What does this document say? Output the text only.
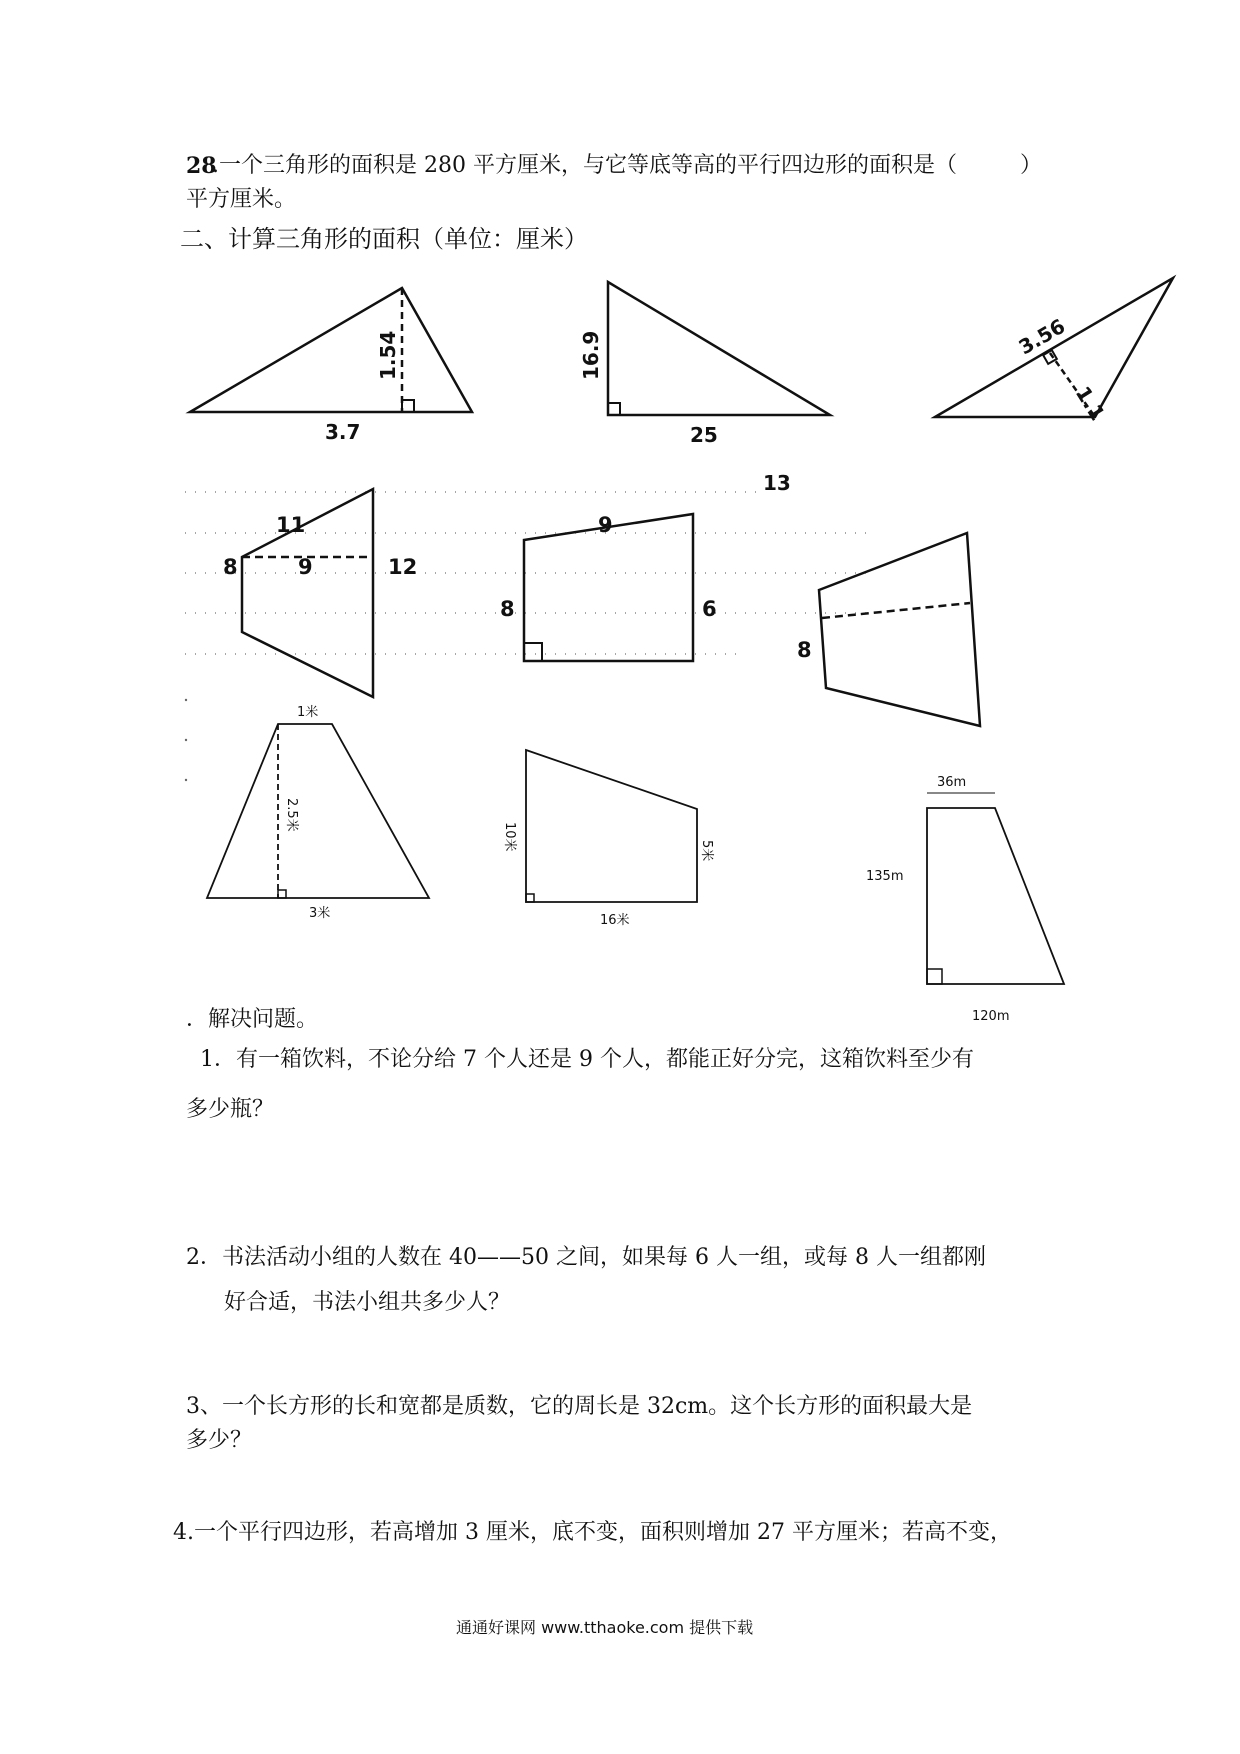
28
.一个三角形的面积是 280 平方厘米，与它等底等高的平行四边形的面积是（	）
平方厘米。
二、计算三角形的面积（单位：厘米）
1.54
3.7
16.9
25
3.56
1.1
13
11
8	9	12
9
8	6
8
1米
2.5米
3米
10米	5米
16米
36m
135m
120m
．解决问题。
1．有一箱饮料，不论分给 7 个人还是 9 个人，都能正好分完，这箱饮料至少有
多少瓶？
2．书法活动小组的人数在 40——50 之间，如果每 6 人一组，或每 8 人一组都刚
好合适，书法小组共多少人？
3、一个长方形的长和宽都是质数，它的周长是 32cm。这个长方形的面积最大是
多少？
4.一个平行四边形，若高增加 3 厘米，底不变，面积则增加 27 平方厘米；若高不变，
通通好课网 www.tthaoke.com 提供下载
